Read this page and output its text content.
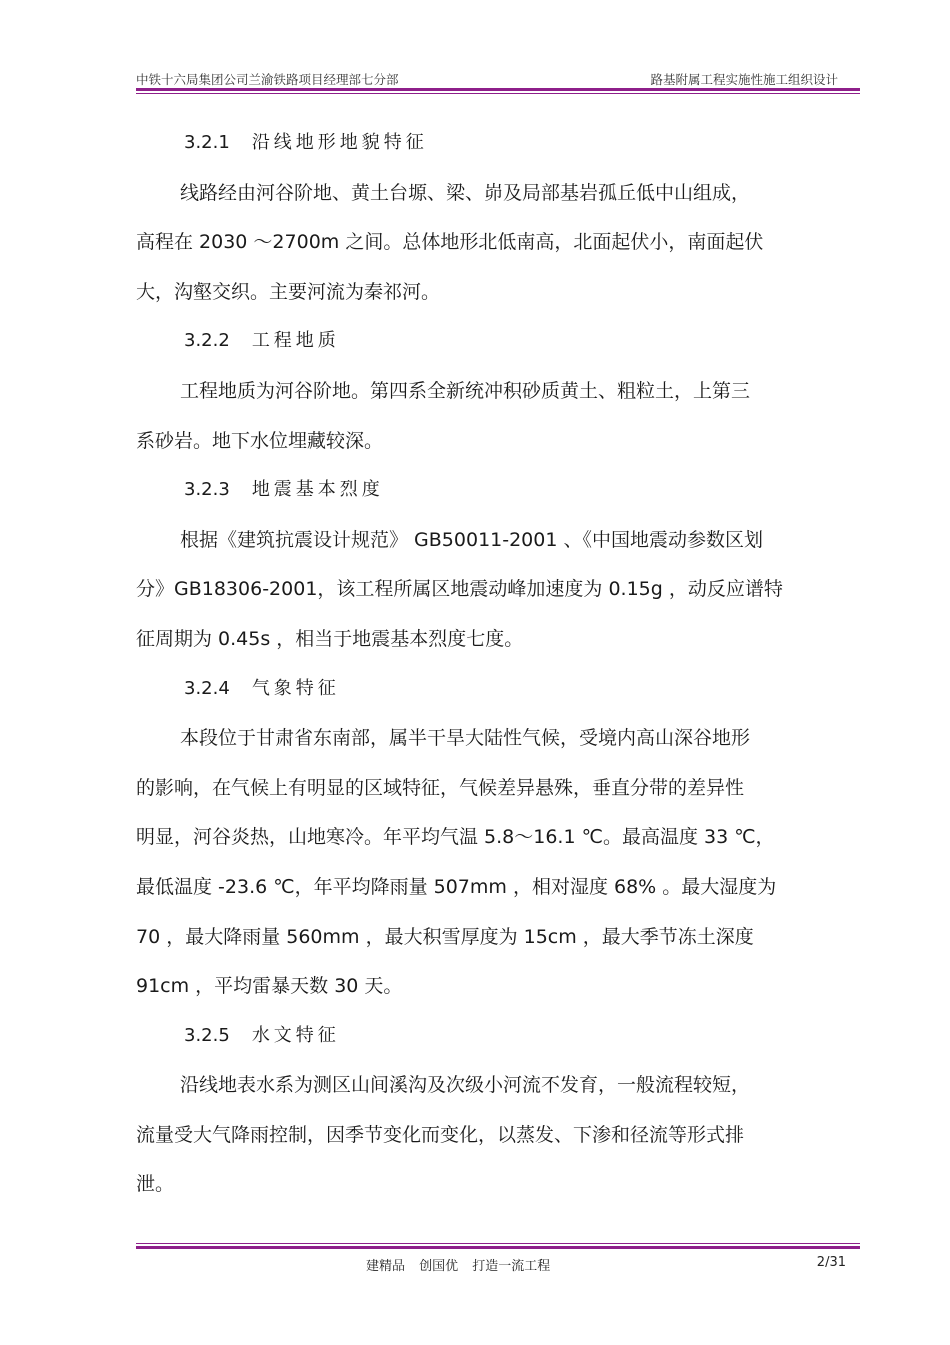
中铁十六局集团公司兰渝铁路项目经理部七分部	路基附属工程实施性施工组织设计
3.2.1 沿线地形地貌特征
线路经由河谷阶地、黄土台塬、梁、峁及局部基岩孤丘低中山组成，
高程在 2030 ～2700m 之间。总体地形北低南高，北面起伏小，南面起伏
大，沟壑交织。主要河流为秦祁河。
3.2.2 工程地质
工程地质为河谷阶地。第四系全新统冲积砂质黄土、粗粒土，上第三
系砂岩。地下水位埋藏较深。
3.2.3 地震基本烈度
根据《建筑抗震设计规范》 GB50011-2001 、《中国地震动参数区划
分》GB18306-2001，该工程所属区地震动峰加速度为 0.15g ，动反应谱特
征周期为 0.45s ，相当于地震基本烈度七度。
3.2.4 气象特征
本段位于甘肃省东南部，属半干旱大陆性气候，受境内高山深谷地形
的影响，在气候上有明显的区域特征，气候差异悬殊，垂直分带的差异性
明显，河谷炎热，山地寒冷。年平均气温 5.8～16.1 ℃。最高温度 33 ℃，
最低温度 -23.6 ℃，年平均降雨量 507mm ，相对湿度 68% 。最大湿度为
70 ，最大降雨量 560mm ，最大积雪厚度为 15cm ，最大季节冻土深度
91cm ，平均雷暴天数 30 天。
3.2.5 水文特征
沿线地表水系为测区山间溪沟及次级小河流不发育，一般流程较短，
流量受大气降雨控制，因季节变化而变化，以蒸发、下渗和径流等形式排
泄。
建精品 创国优 打造一流工程	2/31
